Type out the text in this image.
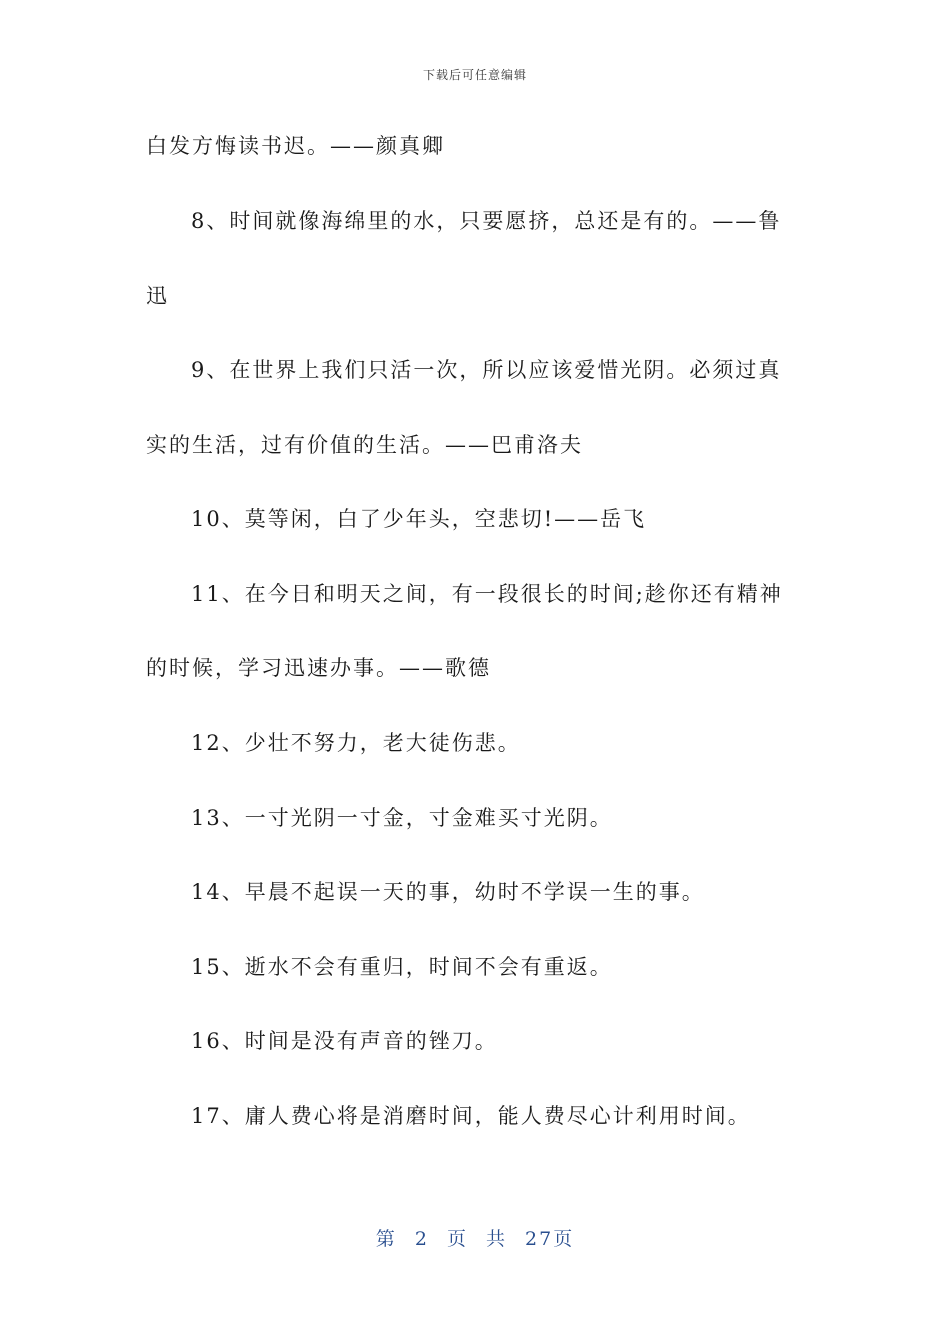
下载后可任意编辑
白发方悔读书迟。——颜真卿
8、时间就像海绵里的水，只要愿挤，总还是有的。——鲁
迅
9、在世界上我们只活一次，所以应该爱惜光阴。必须过真
实的生活，过有价值的生活。——巴甫洛夫
10、莫等闲，白了少年头，空悲切!——岳飞
11、在今日和明天之间，有一段很长的时间;趁你还有精神
的时候，学习迅速办事。——歌德
12、少壮不努力，老大徒伤悲。
13、一寸光阴一寸金，寸金难买寸光阴。
14、早晨不起误一天的事，幼时不学误一生的事。
15、逝水不会有重归，时间不会有重返。
16、时间是没有声音的锉刀。
17、庸人费心将是消磨时间，能人费尽心计利用时间。
第 2 页 共 27页
